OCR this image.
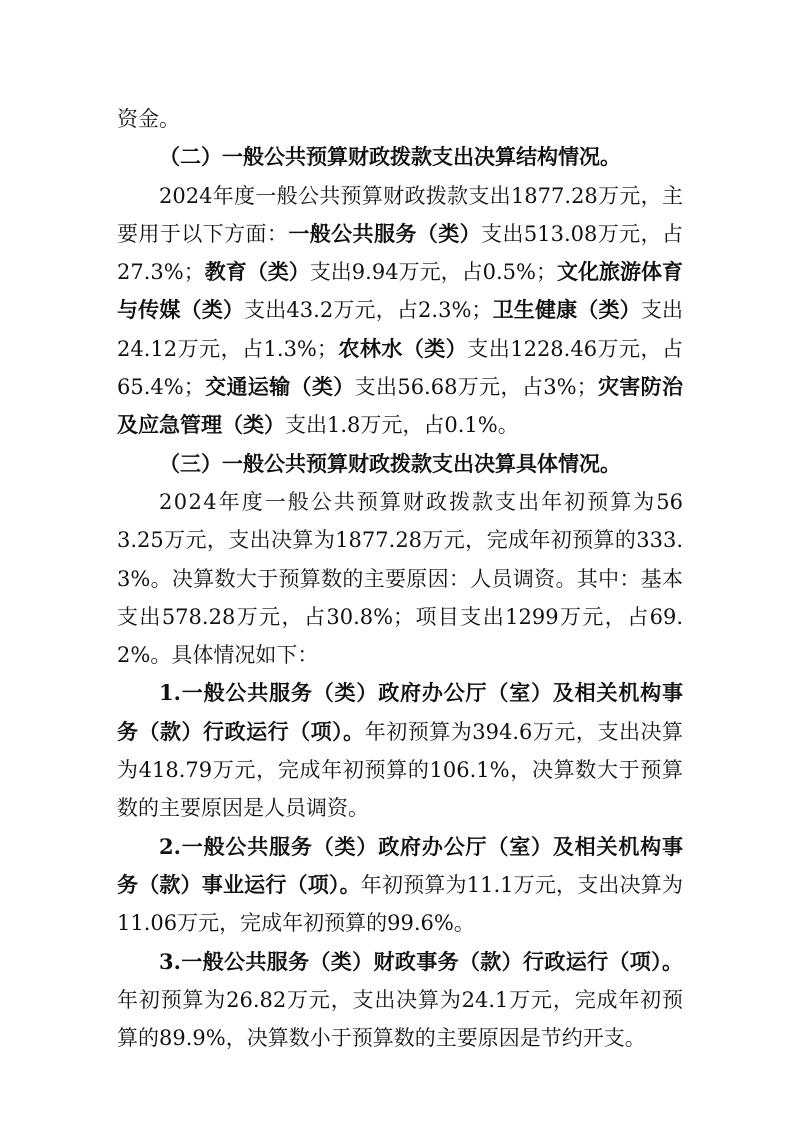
资金。

（二）一般公共预算财政拨款支出决算结构情况。

2024年度一般公共预算财政拨款支出1877.28万元，主要用于以下方面：一般公共服务（类）支出513.08万元，占27.3%；教育（类）支出9.94万元，占0.5%；文化旅游体育与传媒（类）支出43.2万元，占2.3%；卫生健康（类）支出24.12万元，占1.3%；农林水（类）支出1228.46万元，占65.4%；交通运输（类）支出56.68万元，占3%；灾害防治及应急管理（类）支出1.8万元，占0.1%。

（三）一般公共预算财政拨款支出决算具体情况。

2024年度一般公共预算财政拨款支出年初预算为563.25万元，支出决算为1877.28万元，完成年初预算的333.3%。决算数大于预算数的主要原因：人员调资。其中：基本支出578.28万元，占30.8%；项目支出1299万元，占69.2%。具体情况如下：

1.一般公共服务（类）政府办公厅（室）及相关机构事务（款）行政运行（项）。年初预算为394.6万元，支出决算为418.79万元，完成年初预算的106.1%，决算数大于预算数的主要原因是人员调资。

2.一般公共服务（类）政府办公厅（室）及相关机构事务（款）事业运行（项）。年初预算为11.1万元，支出决算为11.06万元，完成年初预算的99.6%。

3.一般公共服务（类）财政事务（款）行政运行（项）。年初预算为26.82万元，支出决算为24.1万元，完成年初预算的89.9%，决算数小于预算数的主要原因是节约开支。
